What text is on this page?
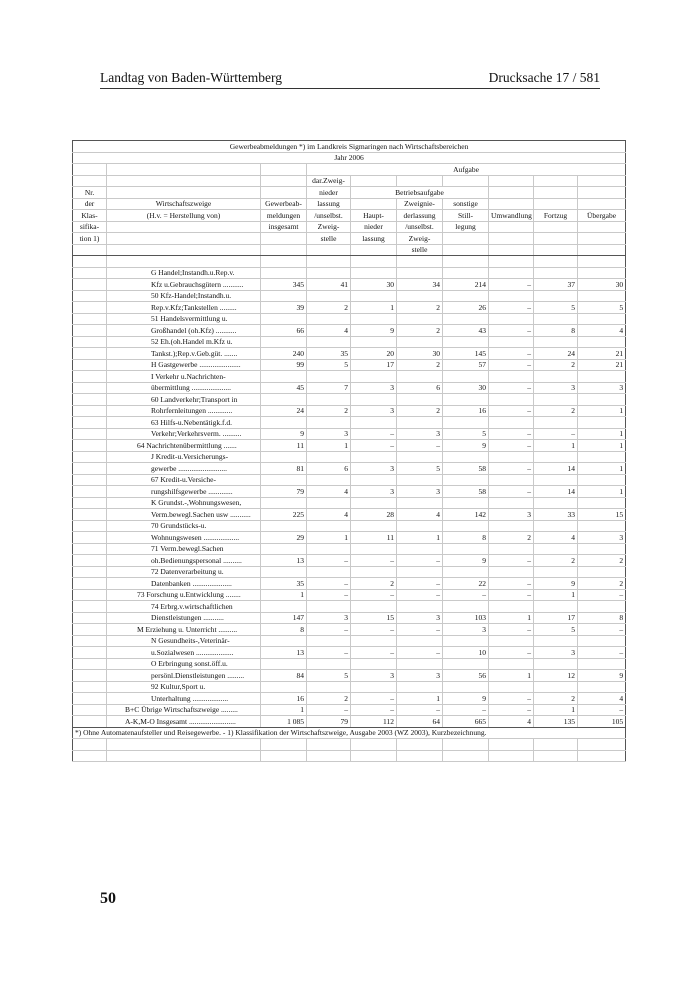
Landtag von Baden-Württemberg	Drucksache 17 / 581
Gewerbeabmeldungen *) im Landkreis Sigmaringen nach Wirtschaftsbereichen									
Jahr 2006									
			Aufgabe						
			dar.Zweig-						
Nr.			nieder	Betriebsaufgabe					
der	Wirtschaftszweige	Gewerbeab-	lassung		Zweignie-	sonstige			
Klas-	(H.v. = Herstellung von)	meldungen	/unselbst.	Haupt-	derlassung	Still-	Umwandlung	Fortzug	Übergabe
sifika-		insgesamt	Zweig-	nieder	/unselbst.	legung			
tion 1)			stelle	lassung	Zweig-				
					stelle				

	G Handel;Instandh.u.Rep.v.								
	Kfz u.Gebrauchsgütern ...........	345	41	30	34	214	–	37	30
	50 Kfz-Handel;Instandh.u.								
	Rep.v.Kfz;Tankstellen .........	39	2	1	2	26	–	5	5
	51 Handelsvermittlung u.								
	Großhandel (oh.Kfz) ...........	66	4	9	2	43	–	8	4
	52 Eh.(oh.Handel m.Kfz u.								
	Tankst.);Rep.v.Geb.güt. .......	240	35	20	30	145	–	24	21
	H Gastgewerbe ......................	99	5	17	2	57	–	2	21
	I Verkehr u.Nachrichten-								
	übermittlung .....................	45	7	3	6	30	–	3	3
	60 Landverkehr;Transport in								
	Rohrfernleitungen .............	24	2	3	2	16	–	2	1
	63 Hilfs-u.Nebentätigk.f.d.								
	Verkehr;Verkehrsverm. ..........	9	3	–	3	5	–	–	1
	64 Nachrichtenübermittlung .......	11	1	–	–	9	–	1	1
	J Kredit-u.Versicherungs-								
	gewerbe ..........................	81	6	3	5	58	–	14	1
	67 Kredit-u.Versiche-								
	rungshilfsgewerbe .............	79	4	3	3	58	–	14	1
	K Grundst.-,Wohnungswesen,								
	Verm.bewegl.Sachen usw ...........	225	4	28	4	142	3	33	15
	70 Grundstücks-u.								
	Wohnungswesen ...................	29	1	11	1	8	2	4	3
	71 Verm.bewegl.Sachen								
	oh.Bedienungspersonal ..........	13	–	–	–	9	–	2	2
	72 Datenverarbeitung u.								
	Datenbanken .....................	35	–	2	–	22	–	9	2
	73 Forschung u.Entwicklung ........	1	–	–	–	–	–	1	–
	74 Erbrg.v.wirtschaftlichen								
	Dienstleistungen ...........	147	3	15	3	103	1	17	8
	M Erziehung u. Unterricht ..........	8	–	–	–	3	–	5	–
	N Gesundheits-,Veterinär-								
	u.Sozialwesen ....................	13	–	–	–	10	–	3	–
	O Erbringung sonst.öff.u.								
	persönl.Dienstleistungen .........	84	5	3	3	56	1	12	9
	92 Kultur,Sport u.								
	Unterhaltung ...................	16	2	–	1	9	–	2	4
	B+C Übrige Wirtschaftszweige .........	1	–	–	–	–	–	1	–
	A-K,M-O Insgesamt .........................	1 085	79	112	64	665	4	135	105
*) Ohne Automatenaufsteller und Reisegewerbe. - 1) Klassifikation der Wirtschaftszweige, Ausgabe 2003 (WZ 2003), Kurzbezeichnung.									

50
